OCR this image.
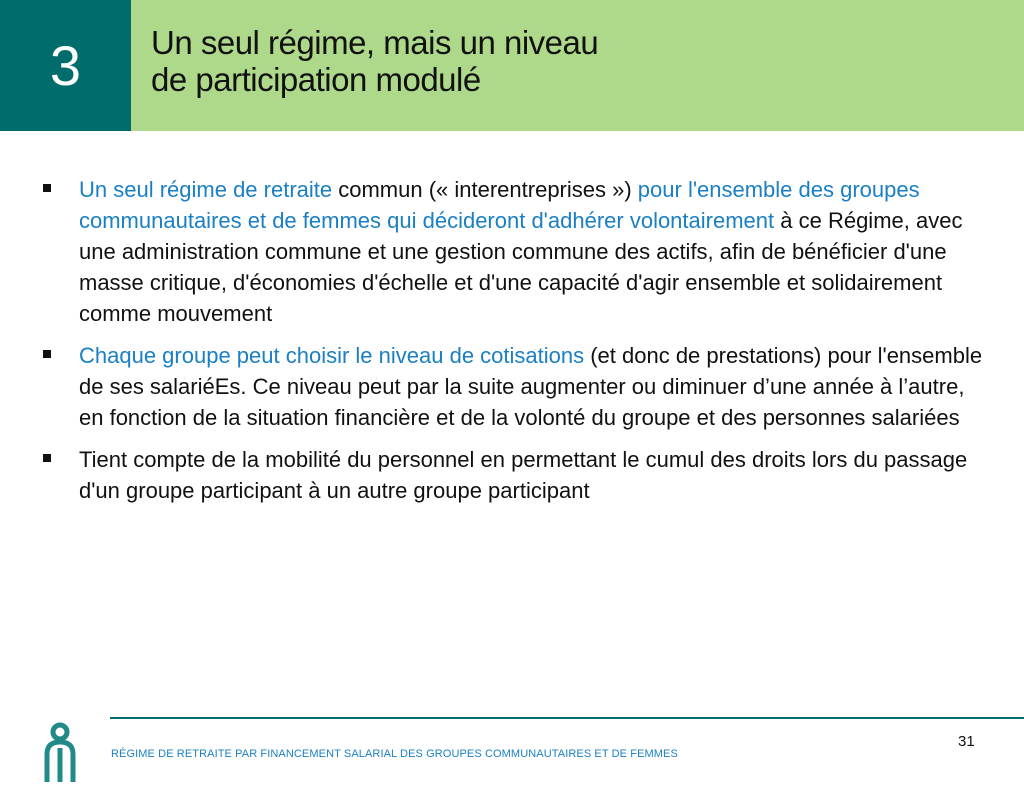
3	Un seul régime, mais un niveau
de participation modulé
Un seul régime de retraite commun (« interentreprises ») pour l'ensemble des groupes communautaires et de femmes qui décideront d'adhérer volontairement à ce Régime, avec une administration commune et une gestion commune des actifs, afin de bénéficier d'une masse critique, d'économies d'échelle et d'une capacité d'agir ensemble et solidairement comme mouvement
Chaque groupe peut choisir le niveau de cotisations (et donc de prestations) pour l'ensemble de ses salariéEs. Ce niveau peut par la suite augmenter ou diminuer d’une année à l’autre, en fonction de la situation financière et de la volonté du groupe et des personnes salariées
Tient compte de la mobilité du personnel en permettant le cumul des droits lors du passage d'un groupe participant à un autre groupe participant
RÉGIME DE RETRAITE PAR FINANCEMENT SALARIAL DES GROUPES COMMUNAUTAIRES ET DE FEMMES
31
